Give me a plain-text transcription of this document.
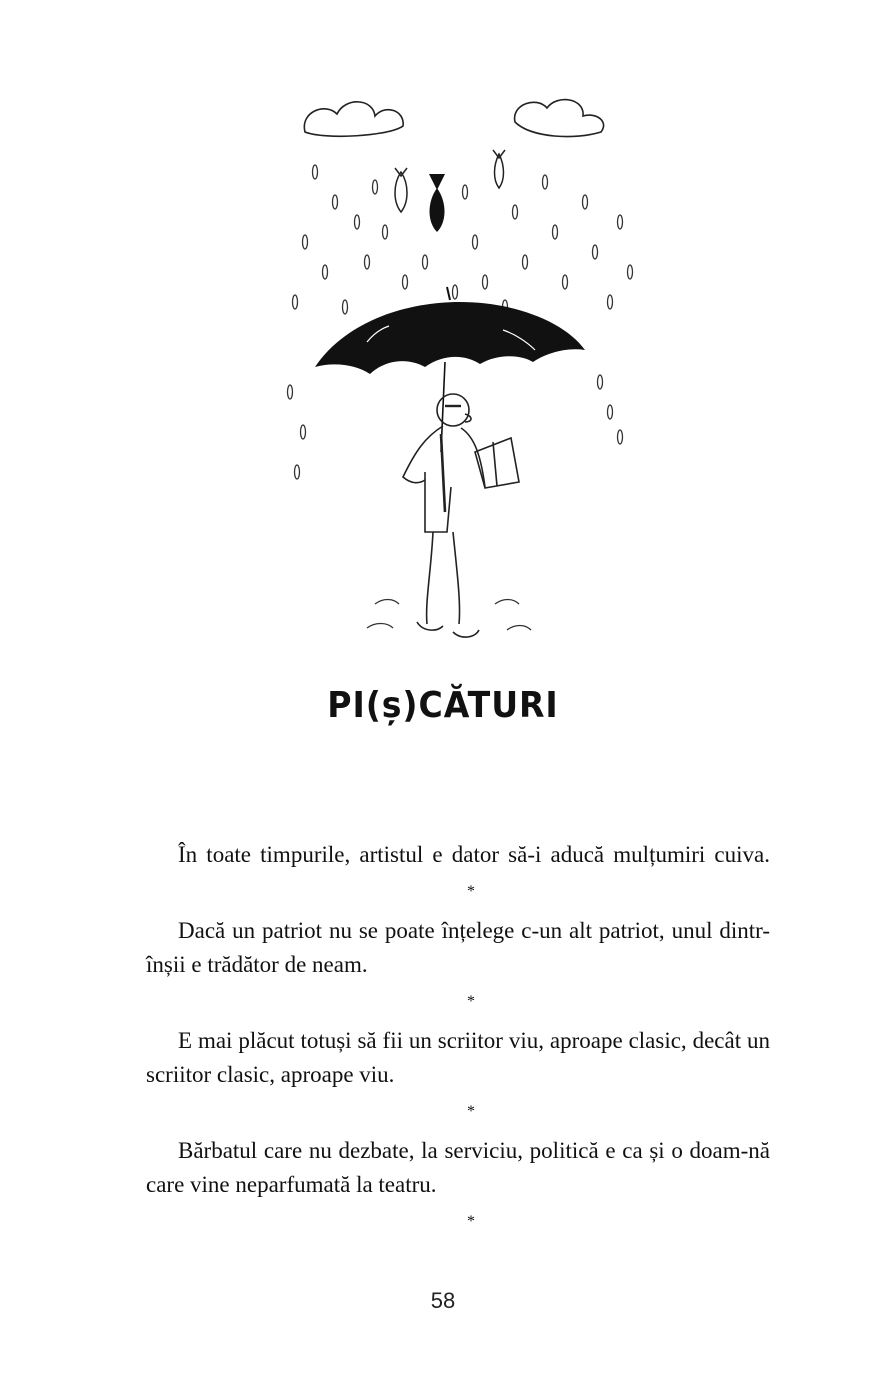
PI(ș)CĂTURI

În toate timpurile, artistul e dator să-i aducă mulțumiri cuiva.

*

Dacă un patriot nu se poate înțelege c-un alt patriot, unul dintr-înșii e trădător de neam.

*

E mai plăcut totuși să fii un scriitor viu, aproape clasic, decât un scriitor clasic, aproape viu.

*

Bărbatul care nu dezbate, la serviciu, politică e ca și o doam-nă care vine neparfumată la teatru.

*
58
